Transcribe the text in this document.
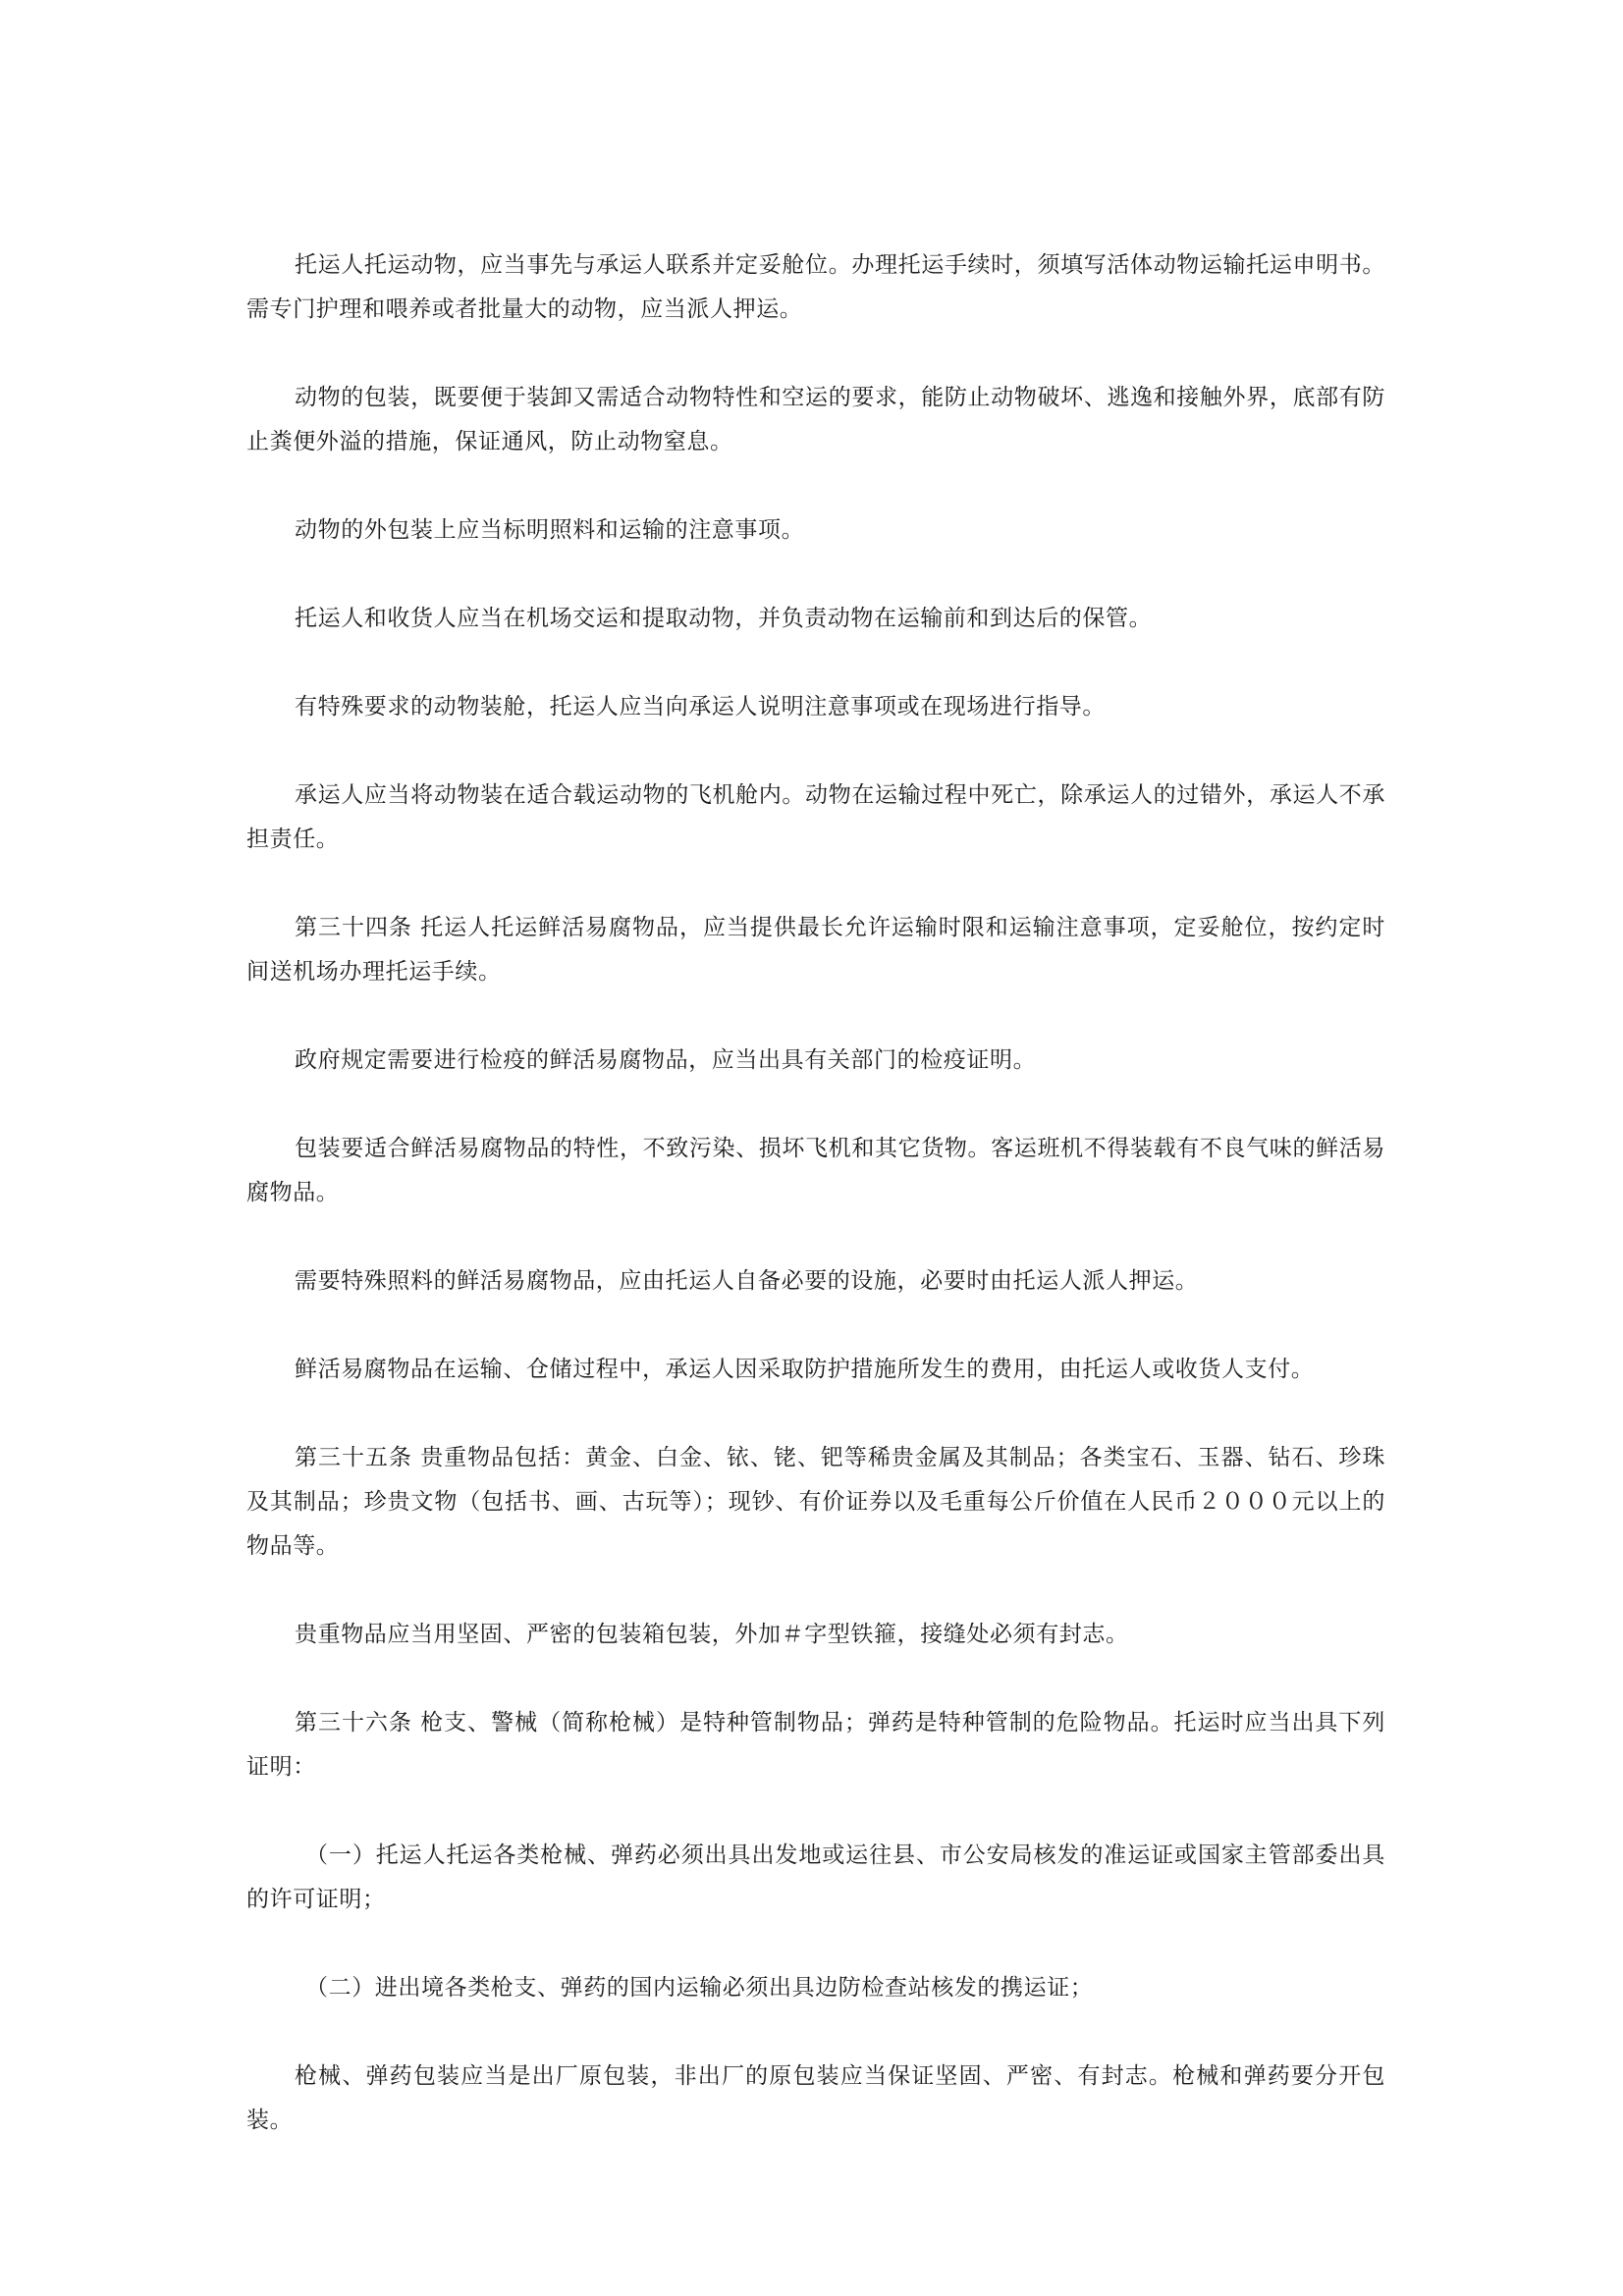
托运人托运动物，应当事先与承运人联系并定妥舱位。办理托运手续时，须填写活体动物运输托运申明书。需专门护理和喂养或者批量大的动物，应当派人押运。

动物的包装，既要便于装卸又需适合动物特性和空运的要求，能防止动物破坏、逃逸和接触外界，底部有防止粪便外溢的措施，保证通风，防止动物窒息。

动物的外包装上应当标明照料和运输的注意事项。

托运人和收货人应当在机场交运和提取动物，并负责动物在运输前和到达后的保管。

有特殊要求的动物装舱，托运人应当向承运人说明注意事项或在现场进行指导。

承运人应当将动物装在适合载运动物的飞机舱内。动物在运输过程中死亡，除承运人的过错外，承运人不承担责任。

第三十四条 托运人托运鲜活易腐物品，应当提供最长允许运输时限和运输注意事项，定妥舱位，按约定时间送机场办理托运手续。

政府规定需要进行检疫的鲜活易腐物品，应当出具有关部门的检疫证明。

包装要适合鲜活易腐物品的特性，不致污染、损坏飞机和其它货物。客运班机不得装载有不良气味的鲜活易腐物品。

需要特殊照料的鲜活易腐物品，应由托运人自备必要的设施，必要时由托运人派人押运。

鲜活易腐物品在运输、仓储过程中，承运人因采取防护措施所发生的费用，由托运人或收货人支付。

第三十五条 贵重物品包括：黄金、白金、铱、铑、钯等稀贵金属及其制品；各类宝石、玉器、钻石、珍珠及其制品；珍贵文物（包括书、画、古玩等）；现钞、有价证券以及毛重每公斤价值在人民币２０００元以上的物品等。

贵重物品应当用坚固、严密的包装箱包装，外加＃字型铁箍，接缝处必须有封志。

第三十六条 枪支、警械（简称枪械）是特种管制物品；弹药是特种管制的危险物品。托运时应当出具下列证明：

（一）托运人托运各类枪械、弹药必须出具出发地或运往县、市公安局核发的准运证或国家主管部委出具的许可证明；

（二）进出境各类枪支、弹药的国内运输必须出具边防检查站核发的携运证；

枪械、弹药包装应当是出厂原包装，非出厂的原包装应当保证坚固、严密、有封志。枪械和弹药要分开包装。
